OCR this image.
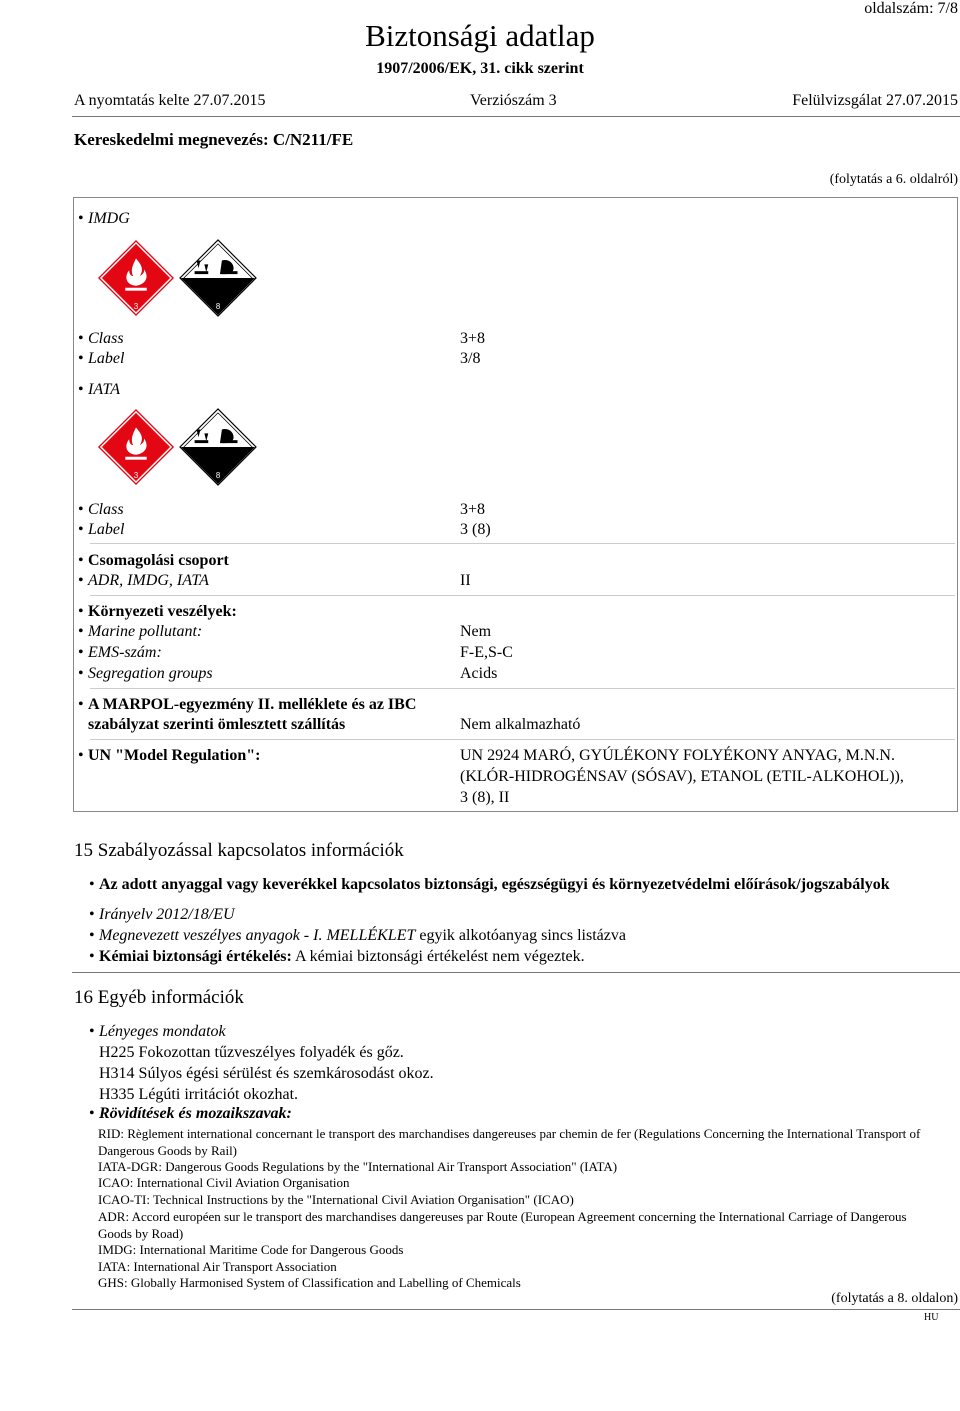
oldalszám: 7/8
Biztonsági adatlap
1907/2006/EK, 31. cikk szerint
A nyomtatás kelte 27.07.2015	Verziószám 3	Felülvizsgálat 27.07.2015
Kereskedelmi megnevezés: C/N211/FE
(folytatás a 6. oldalról)
• IMDG
3	8
• Class	3+8
• Label	3/8
• IATA
3	8
• Class	3+8
• Label	3 (8)
• Csomagolási csoport
• ADR, IMDG, IATA	II
• Környezeti veszélyek:
• Marine pollutant:	Nem
• EMS-szám:	F-E,S-C
• Segregation groups	Acids
• A MARPOL-egyezmény II. melléklete és az IBC
szabályzat szerinti ömlesztett szállítás	Nem alkalmazható
• UN "Model Regulation":	UN 2924 MARÓ, GYÚLÉKONY FOLYÉKONY ANYAG, M.N.N.
(KLÓR-HIDROGÉNSAV (SÓSAV), ETANOL (ETIL-ALKOHOL)),
3 (8), II
15 Szabályozással kapcsolatos információk
• Az adott anyaggal vagy keverékkel kapcsolatos biztonsági, egészségügyi és környezetvédelmi előírások/jogszabályok
• Irányelv 2012/18/EU
• Megnevezett veszélyes anyagok - I. MELLÉKLET egyik alkotóanyag sincs listázva
• Kémiai biztonsági értékelés: A kémiai biztonsági értékelést nem végeztek.
16 Egyéb információk
• Lényeges mondatok
H225 Fokozottan tűzveszélyes folyadék és gőz.
H314 Súlyos égési sérülést és szemkárosodást okoz.
H335 Légúti irritációt okozhat.
• Rövidítések és mozaikszavak:
RID: Règlement international concernant le transport des marchandises dangereuses par chemin de fer (Regulations Concerning the International Transport of Dangerous Goods by Rail)
IATA-DGR: Dangerous Goods Regulations by the "International Air Transport Association" (IATA)
ICAO: International Civil Aviation Organisation
ICAO-TI: Technical Instructions by the "International Civil Aviation Organisation" (ICAO)
ADR: Accord européen sur le transport des marchandises dangereuses par Route (European Agreement concerning the International Carriage of Dangerous Goods by Road)
IMDG: International Maritime Code for Dangerous Goods
IATA: International Air Transport Association
GHS: Globally Harmonised System of Classification and Labelling of Chemicals
(folytatás a 8. oldalon)
HU
